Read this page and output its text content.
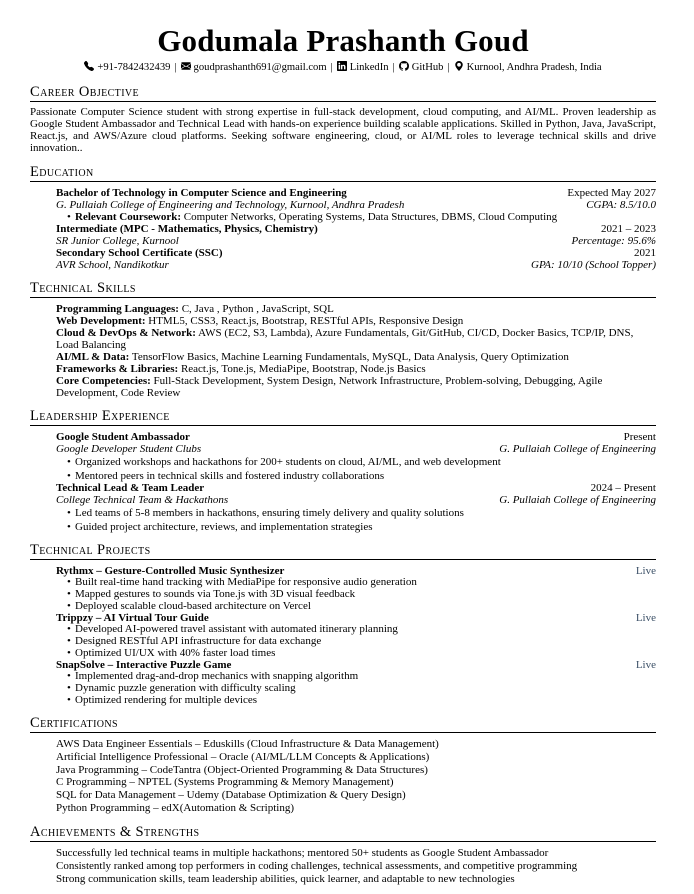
Godumala Prashanth Goud
+91-7842432439 | goudprashanth691@gmail.com | LinkedIn | GitHub | Kurnool, Andhra Pradesh, India
Career Objective

Passionate Computer Science student with strong expertise in full-stack development, cloud computing, and AI/ML. Proven leadership as Google Student Ambassador and Technical Lead with hands-on experience building scalable applications. Skilled in Python, Java, JavaScript, React.js, and AWS/Azure cloud platforms. Seeking software engineering, cloud, or AI/ML roles to leverage technical skills and drive innovation..

Education
Bachelor of Technology in Computer Science and Engineering	Expected May 2027
G. Pullaiah College of Engineering and Technology, Kurnool, Andhra Pradesh	CGPA: 8.5/10.0
• Relevant Coursework: Computer Networks, Operating Systems, Data Structures, DBMS, Cloud Computing
Intermediate (MPC - Mathematics, Physics, Chemistry)	2021 – 2023
SR Junior College, Kurnool	Percentage: 95.6%
Secondary School Certificate (SSC)	2021
AVR School, Nandikotkur	GPA: 10/10 (School Topper)
Technical Skills
Programming Languages: C, Java , Python , JavaScript, SQL
Web Development: HTML5, CSS3, React.js, Bootstrap, RESTful APIs, Responsive Design
Cloud & DevOps & Network: AWS (EC2, S3, Lambda), Azure Fundamentals, Git/GitHub, CI/CD, Docker Basics, TCP/IP, DNS, Load Balancing
AI/ML & Data: TensorFlow Basics, Machine Learning Fundamentals, MySQL, Data Analysis, Query Optimization
Frameworks & Libraries: React.js, Tone.js, MediaPipe, Bootstrap, Node.js Basics
Core Competencies: Full-Stack Development, System Design, Network Infrastructure, Problem-solving, Debugging, Agile Development, Code Review
Leadership Experience
Google Student Ambassador	Present
Google Developer Student Clubs	G. Pullaiah College of Engineering
• Organized workshops and hackathons for 200+ students on cloud, AI/ML, and web development
• Mentored peers in technical skills and fostered industry collaborations
Technical Lead & Team Leader	2024 – Present
College Technical Team & Hackathons	G. Pullaiah College of Engineering
• Led teams of 5-8 members in hackathons, ensuring timely delivery and quality solutions
• Guided project architecture, reviews, and implementation strategies
Technical Projects
Rythmx – Gesture-Controlled Music Synthesizer	Live
• Built real-time hand tracking with MediaPipe for responsive audio generation
• Mapped gestures to sounds via Tone.js with 3D visual feedback
• Deployed scalable cloud-based architecture on Vercel
Trippzy – AI Virtual Tour Guide	Live
• Developed AI-powered travel assistant with automated itinerary planning
• Designed RESTful API infrastructure for data exchange
• Optimized UI/UX with 40% faster load times
SnapSolve – Interactive Puzzle Game	Live
• Implemented drag-and-drop mechanics with snapping algorithm
• Dynamic puzzle generation with difficulty scaling
• Optimized rendering for multiple devices
Certifications
AWS Data Engineer Essentials – Eduskills (Cloud Infrastructure & Data Management)
Artificial Intelligence Professional – Oracle (AI/ML/LLM Concepts & Applications)
Java Programming – CodeTantra (Object-Oriented Programming & Data Structures)
C Programming – NPTEL (Systems Programming & Memory Management)
SQL for Data Management – Udemy (Database Optimization & Query Design)
Python Programming – edX(Automation & Scripting)
Achievements & Strengths
Successfully led technical teams in multiple hackathons; mentored 50+ students as Google Student Ambassador
Consistently ranked among top performers in coding challenges, technical assessments, and competitive programming
Strong communication skills, team leadership abilities, quick learner, and adaptable to new technologies
